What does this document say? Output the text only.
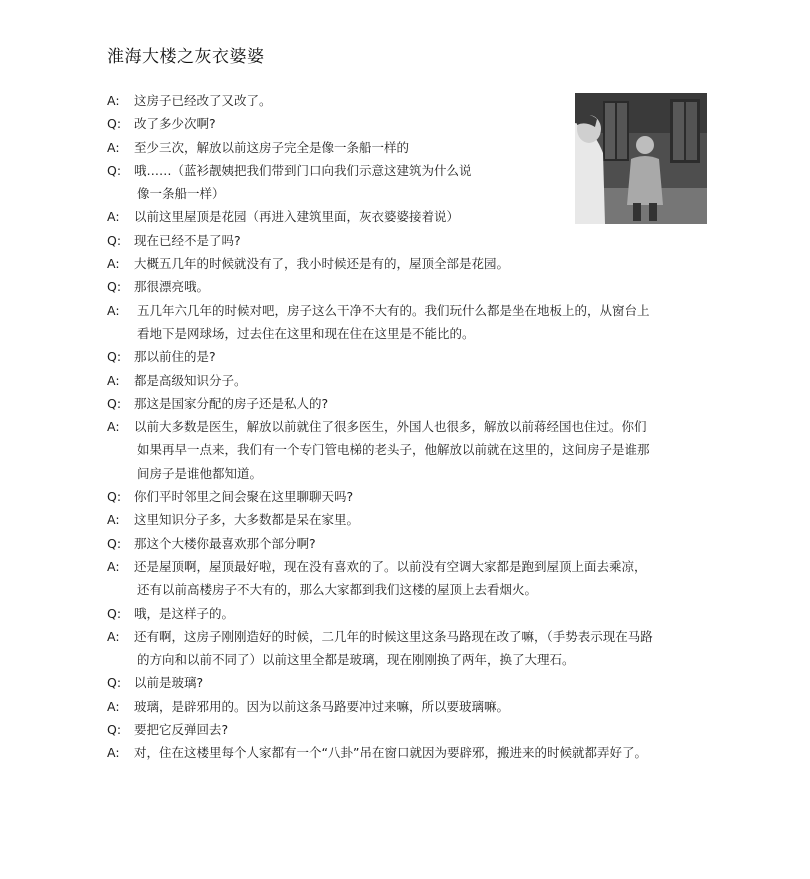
淮海大楼之灰衣婆婆
A: 这房子已经改了又改了。
Q: 改了多少次啊?
A: 至少三次，解放以前这房子完全是像一条船一样的
Q: 哦……（蓝衫靓姨把我们带到门口向我们示意这建筑为什么说
像一条船一样）
A: 以前这里屋顶是花园（再进入建筑里面，灰衣婆婆接着说）
Q: 现在已经不是了吗?
A: 大概五几年的时候就没有了，我小时候还是有的，屋顶全部是花园。
Q: 那很漂亮哦。
A: 五几年六几年的时候对吧，房子这么干净不大有的。我们玩什么都是坐在地板上的，从窗台上
看地下是网球场，过去住在这里和现在住在这里是不能比的。
Q: 那以前住的是?
A: 都是高级知识分子。
Q: 那这是国家分配的房子还是私人的?
A: 以前大多数是医生，解放以前就住了很多医生，外国人也很多，解放以前蒋经国也住过。你们
如果再早一点来，我们有一个专门管电梯的老头子，他解放以前就在这里的，这间房子是谁那
间房子是谁他都知道。
Q: 你们平时邻里之间会聚在这里聊聊天吗?
A: 这里知识分子多，大多数都是呆在家里。
Q: 那这个大楼你最喜欢那个部分啊?
A: 还是屋顶啊，屋顶最好啦，现在没有喜欢的了。以前没有空调大家都是跑到屋顶上面去乘凉，
还有以前高楼房子不大有的，那么大家都到我们这楼的屋顶上去看烟火。
Q: 哦，是这样子的。
A: 还有啊，这房子刚刚造好的时候，二几年的时候这里这条马路现在改了嘛，（手势表示现在马路
的方向和以前不同了）以前这里全都是玻璃，现在刚刚换了两年，换了大理石。
Q: 以前是玻璃?
A: 玻璃，是辟邪用的。因为以前这条马路要冲过来嘛，所以要玻璃嘛。
Q: 要把它反弹回去?
A: 对，住在这楼里每个人家都有一个“八卦”吊在窗口就因为要辟邪，搬进来的时候就都弄好了。
